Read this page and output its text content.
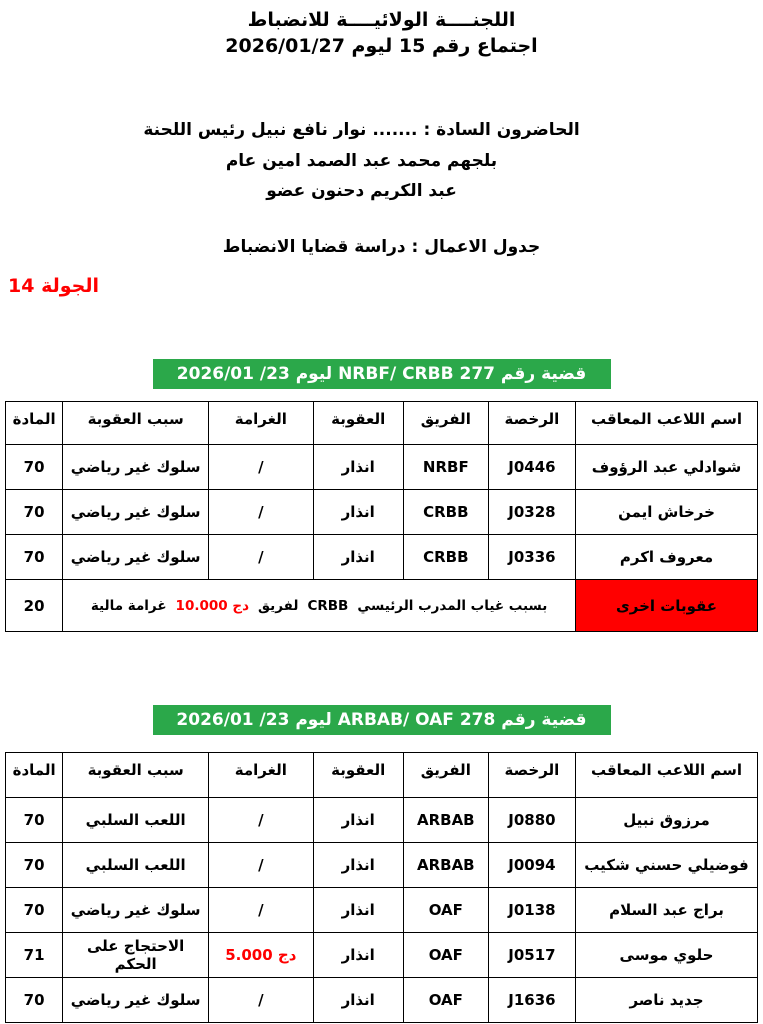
اللجنــــة الولائيــــة للانضباط
اجتماع رقم 15 ليوم 2026/01/27
الحاضرون السادة : ....... نوار نافع نبيل رئيس اللحنة
بلجهم محمد عبد الصمد امين عام
عبد الكريم دحنون عضو
جدول الاعمال : دراسة قضايا الانضباط
الجولة 14
قضية رقم 277 NRBF/ CRBB ليوم 23/ 2026/01
اسم اللاعب المعاقب	الرخصة	الفريق	العقوبة	الغرامة	سبب العقوبة	المادة
شوادلي عبد الرؤوف	J0446	NRBF	انذار	/	سلوك غير رياضي	70
خرخاش ايمن	J0328	CRBB	انذار	/	سلوك غير رياضي	70
معروف اكرم	J0336	CRBB	انذار	/	سلوك غير رياضي	70
عقوبات اخرى	غرامة مالية 10.000 دج لفريق CRBB بسبب غياب المدرب الرئيسي					20
قضية رقم 278 ARBAB/ OAF ليوم 23/ 2026/01
اسم اللاعب المعاقب	الرخصة	الفريق	العقوبة	الغرامة	سبب العقوبة	المادة
مرزوق نبيل	J0880	ARBAB	انذار	/	اللعب السلبي	70
فوضيلي حسني شكيب	J0094	ARBAB	انذار	/	اللعب السلبي	70
براج عبد السلام	J0138	OAF	انذار	/	سلوك غير رياضي	70
حلوي موسى	J0517	OAF	انذار	5.000 دج	الاحتجاج على الحكم	71
جديد ناصر	J1636	OAF	انذار	/	سلوك غير رياضي	70
